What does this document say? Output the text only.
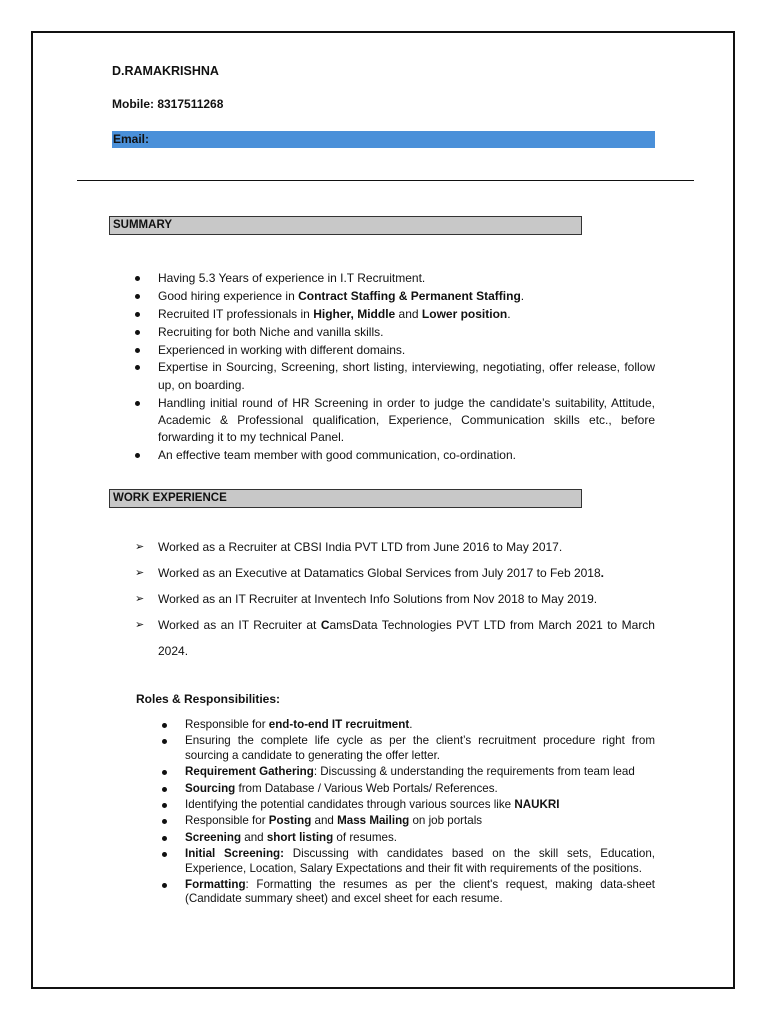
D.RAMAKRISHNA
Mobile: 8317511268
Email:
SUMMARY
Having 5.3 Years of experience in I.T Recruitment.
Good hiring experience in Contract Staffing & Permanent Staffing.
Recruited IT professionals in Higher, Middle and Lower position.
Recruiting for both Niche and vanilla skills.
Experienced in working with different domains.
Expertise in Sourcing, Screening, short listing, interviewing, negotiating, offer release, follow up, on boarding.
Handling initial round of HR Screening in order to judge the candidate’s suitability, Attitude, Academic & Professional qualification, Experience, Communication skills etc., before forwarding it to my technical Panel.
An effective team member with good communication, co-ordination.
WORK EXPERIENCE
➢ Worked as a Recruiter at CBSI India PVT LTD from June 2016 to May 2017.
➢ Worked as an Executive at Datamatics Global Services from July 2017 to Feb 2018.
➢ Worked as an IT Recruiter at Inventech Info Solutions from Nov 2018 to May 2019.
➢ Worked as an IT Recruiter at CamsData Technologies PVT LTD from March 2021 to March 2024.
Roles & Responsibilities:
Responsible for end-to-end IT recruitment.
Ensuring the complete life cycle as per the client’s recruitment procedure right from sourcing a candidate to generating the offer letter.
Requirement Gathering: Discussing & understanding the requirements from team lead
Sourcing from Database / Various Web Portals/ References.
Identifying the potential candidates through various sources like NAUKRI
Responsible for Posting and Mass Mailing on job portals
Screening and short listing of resumes.
Initial Screening: Discussing with candidates based on the skill sets, Education, Experience, Location, Salary Expectations and their fit with requirements of the positions.
Formatting: Formatting the resumes as per the client's request, making data-sheet (Candidate summary sheet) and excel sheet for each resume.
